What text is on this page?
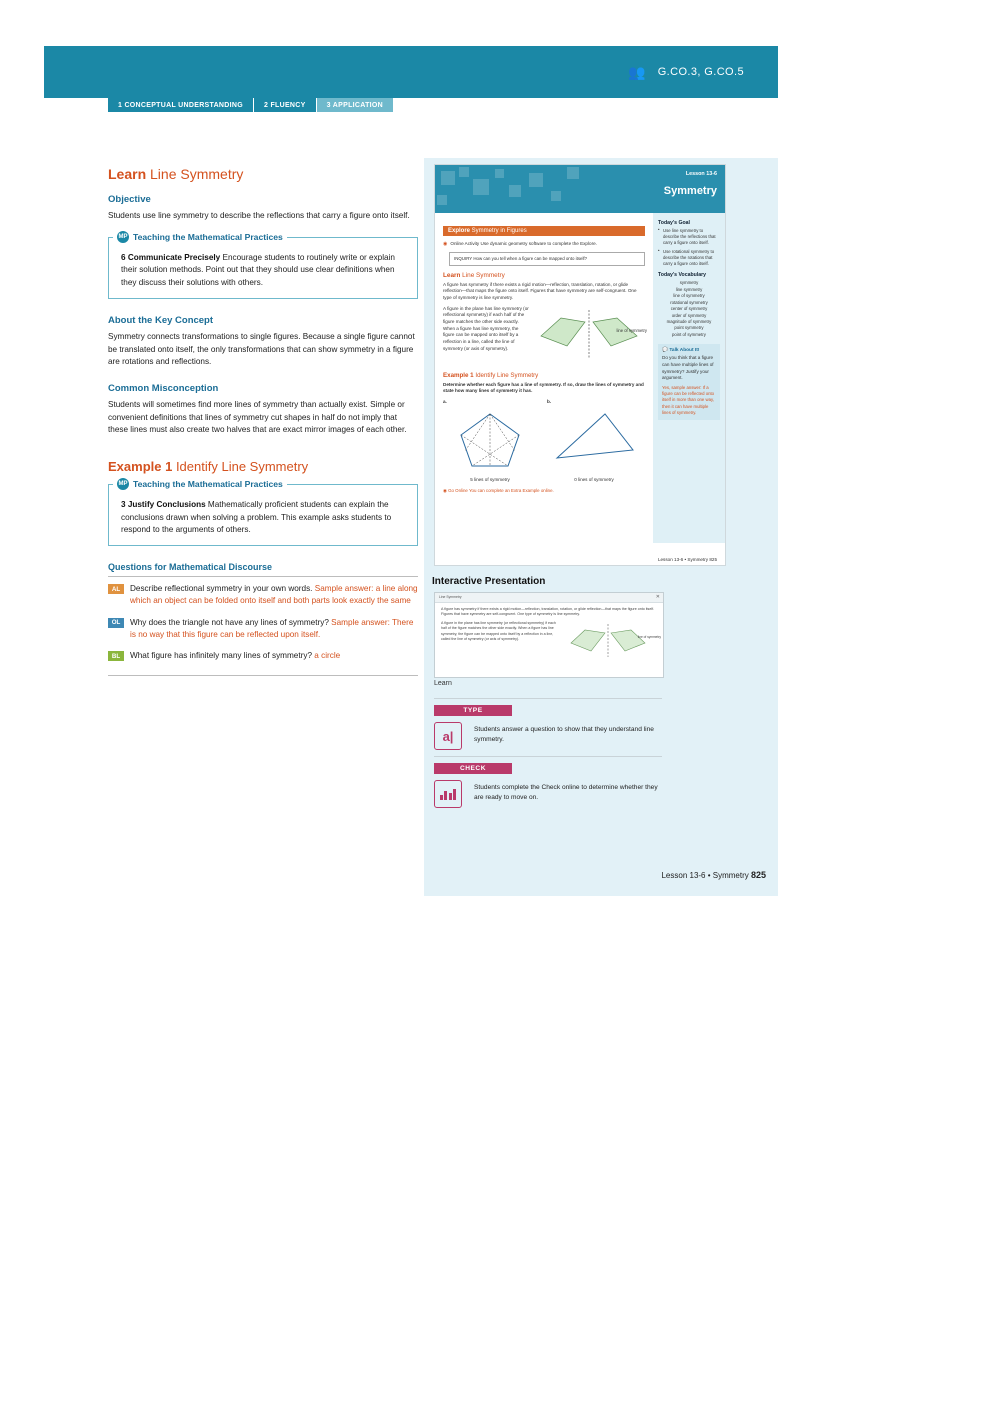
👥 G.CO.3, G.CO.5
Lesson 13-6
Symmetry
Explore Symmetry in Figures
◉ Online Activity Use dynamic geometry software to complete the Explore.
INQUIRY How can you tell when a figure can be mapped onto itself?
Learn Line Symmetry
A figure has symmetry if there exists a rigid motion—reflection, translation, rotation, or glide reflection—that maps the figure onto itself. Figures that have symmetry are self-congruent. One type of symmetry is line symmetry.
A figure in the plane has line symmetry (or reflectional symmetry) if each half of the figure matches the other side exactly. When a figure has line symmetry, the figure can be mapped onto itself by a reflection in a line, called the line of symmetry (or axis of symmetry).
line of symmetry
Example 1 Identify Line Symmetry
Determine whether each figure has a line of symmetry. If so, draw the lines of symmetry and state how many lines of symmetry it has.
a.
5 lines of symmetry
b.
0 lines of symmetry
◉ Go Online You can complete an Extra Example online.
Today's Goal
• Use line symmetry to describe the reflections that carry a figure onto itself.
• Use rotational symmetry to describe the rotations that carry a figure onto itself.
Today's Vocabulary
symmetry
line symmetry
line of symmetry
rotational symmetry
center of symmetry
order of symmetry
magnitude of symmetry
point symmetry
point of symmetry
💬 Talk About It!
Do you think that a figure can have multiple lines of symmetry? Justify your argument.
Yes, sample answer: If a figure can be reflected onto itself in more than one way, then it can have multiple lines of symmetry.
Lesson 13-6 • Symmetry 825
Interactive Presentation
✕
Line Symmetry
A figure has symmetry if there exists a rigid motion—reflection, translation, rotation, or glide reflection—that maps the figure onto itself. Figures that have symmetry are self-congruent. One type of symmetry is line symmetry.
A figure in the plane has line symmetry (or reflectional symmetry) if each half of the figure matches the other side exactly. When a figure has line symmetry, the figure can be mapped onto itself by a reflection in a line, called the line of symmetry (or axis of symmetry).
line of symmetry
Learn
TYPE
a|	Students answer a question to show that they understand line symmetry.
CHECK
Students complete the Check online to determine whether they are ready to move on.
1 CONCEPTUAL UNDERSTANDING	2 FLUENCY	3 APPLICATION
Learn Line Symmetry
Objective
Students use line symmetry to describe the reflections that carry a figure onto itself.
MP Teaching the Mathematical Practices
6 Communicate Precisely Encourage students to routinely write or explain their solution methods. Point out that they should use clear definitions when they discuss their solutions with others.
About the Key Concept
Symmetry connects transformations to single figures. Because a single figure cannot be translated onto itself, the only transformations that can show symmetry in a figure are rotations and reflections.
Common Misconception
Students will sometimes find more lines of symmetry than actually exist. Simple or convenient definitions that lines of symmetry cut shapes in half do not imply that these lines must also create two halves that are exact mirror images of each other.
Example 1 Identify Line Symmetry
MP Teaching the Mathematical Practices
3 Justify Conclusions Mathematically proficient students can explain the conclusions drawn when solving a problem. This example asks students to respond to the arguments of others.
Questions for Mathematical Discourse
AL	Describe reflectional symmetry in your own words. Sample answer: a line along which an object can be folded onto itself and both parts look exactly the same
OL	Why does the triangle not have any lines of symmetry? Sample answer: There is no way that this figure can be reflected upon itself.
BL	What figure has infinitely many lines of symmetry? a circle
Lesson 13-6 • Symmetry 825
